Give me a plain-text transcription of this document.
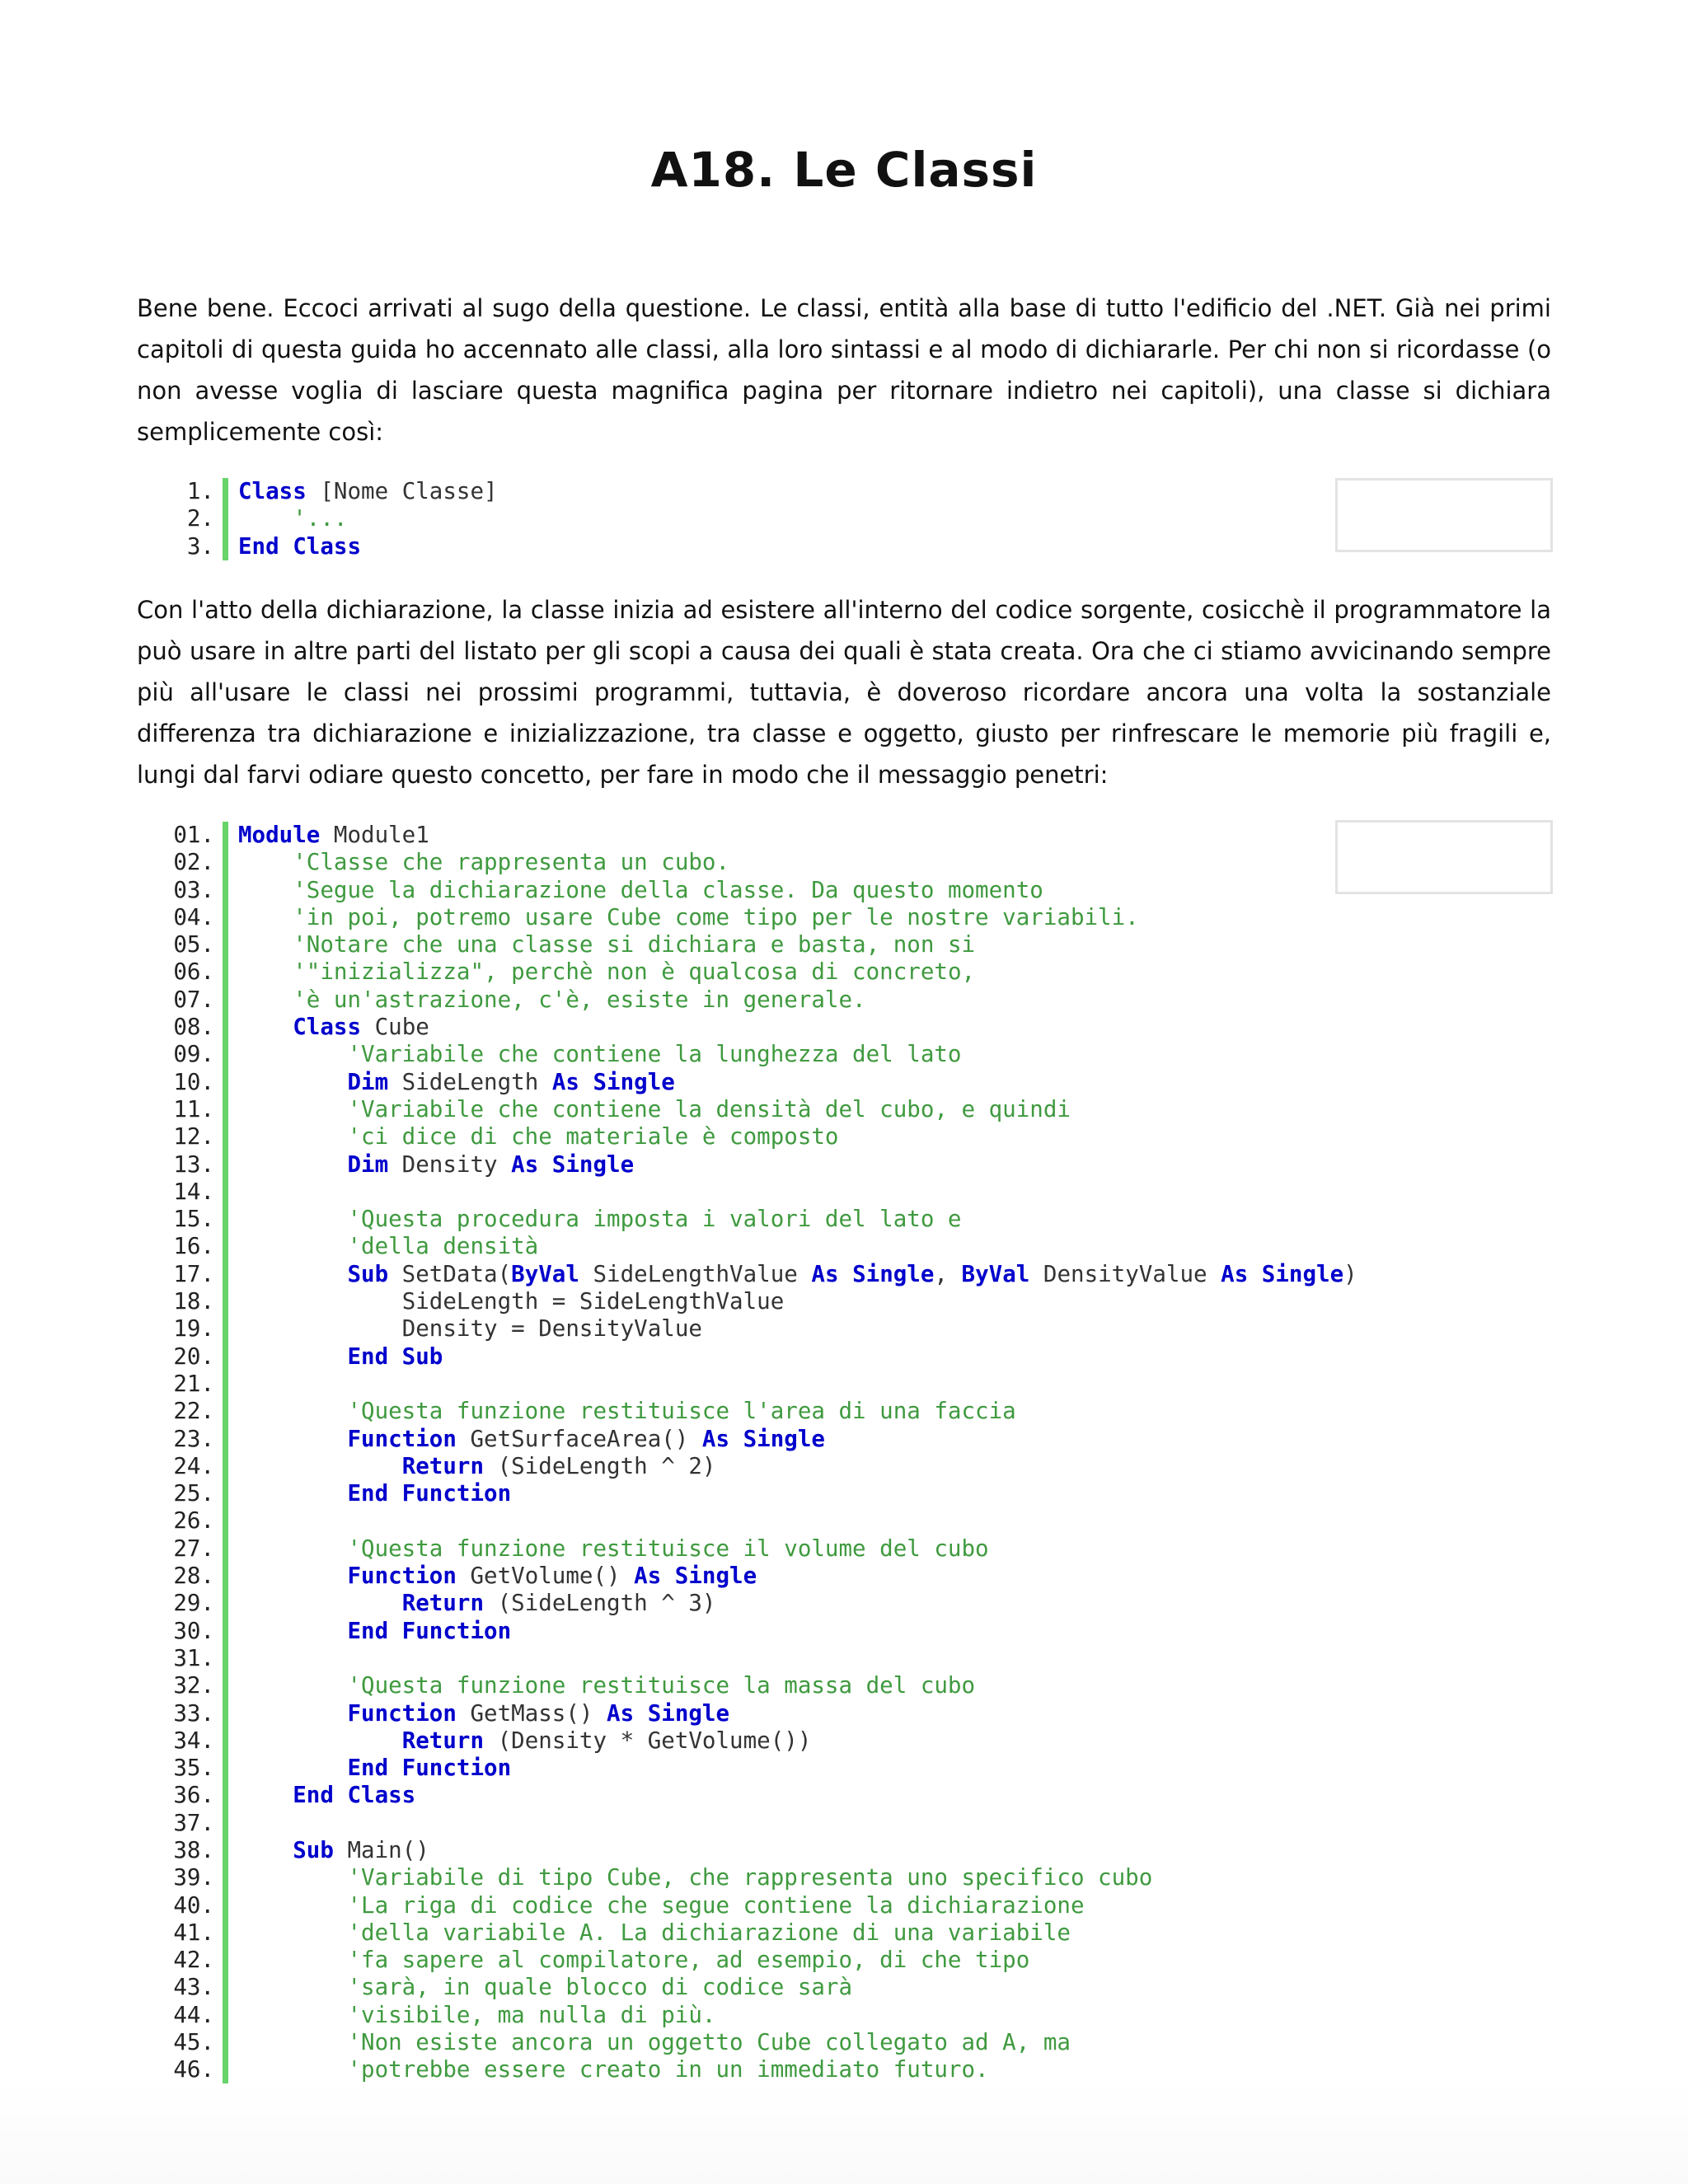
A18. Le Classi

Bene bene. Eccoci arrivati al sugo della questione. Le classi, entità alla base di tutto l'edificio del .NET. Già nei primi capitoli di questa guida ho accennato alle classi, alla loro sintassi e al modo di dichiararle. Per chi non si ricordasse (o non avesse voglia di lasciare questa magnifica pagina per ritornare indietro nei capitoli), una classe si dichiara semplicemente così:

1.	Class [Nome Classe]
2.	'...
3.	End Class

Con l'atto della dichiarazione, la classe inizia ad esistere all'interno del codice sorgente, cosicchè il programmatore la può usare in altre parti del listato per gli scopi a causa dei quali è stata creata. Ora che ci stiamo avvicinando sempre più all'usare le classi nei prossimi programmi, tuttavia, è doveroso ricordare ancora una volta la sostanziale differenza tra dichiarazione e inizializzazione, tra classe e oggetto, giusto per rinfrescare le memorie più fragili e, lungi dal farvi odiare questo concetto, per fare in modo che il messaggio penetri:

01.	Module Module1
02.	'Classe che rappresenta un cubo.
03.	'Segue la dichiarazione della classe. Da questo momento
04.	'in poi, potremo usare Cube come tipo per le nostre variabili.
05.	'Notare che una classe si dichiara e basta, non si
06.	'"inizializza", perchè non è qualcosa di concreto,
07.	'è un'astrazione, c'è, esiste in generale.
08.	Class Cube
09.	'Variabile che contiene la lunghezza del lato
10.	Dim SideLength As Single
11.	'Variabile che contiene la densità del cubo, e quindi
12.	'ci dice di che materiale è composto
13.	Dim Density As Single
14.
15.	'Questa procedura imposta i valori del lato e
16.	'della densità
17.	Sub SetData(ByVal SideLengthValue As Single, ByVal DensityValue As Single)
18.	SideLength = SideLengthValue
19.	Density = DensityValue
20.	End Sub
21.
22.	'Questa funzione restituisce l'area di una faccia
23.	Function GetSurfaceArea() As Single
24.	Return (SideLength ^ 2)
25.	End Function
26.
27.	'Questa funzione restituisce il volume del cubo
28.	Function GetVolume() As Single
29.	Return (SideLength ^ 3)
30.	End Function
31.
32.	'Questa funzione restituisce la massa del cubo
33.	Function GetMass() As Single
34.	Return (Density * GetVolume())
35.	End Function
36.	End Class
37.
38.	Sub Main()
39.	'Variabile di tipo Cube, che rappresenta uno specifico cubo
40.	'La riga di codice che segue contiene la dichiarazione
41.	'della variabile A. La dichiarazione di una variabile
42.	'fa sapere al compilatore, ad esempio, di che tipo
43.	'sarà, in quale blocco di codice sarà
44.	'visibile, ma nulla di più.
45.	'Non esiste ancora un oggetto Cube collegato ad A, ma
46.	'potrebbe essere creato in un immediato futuro.
